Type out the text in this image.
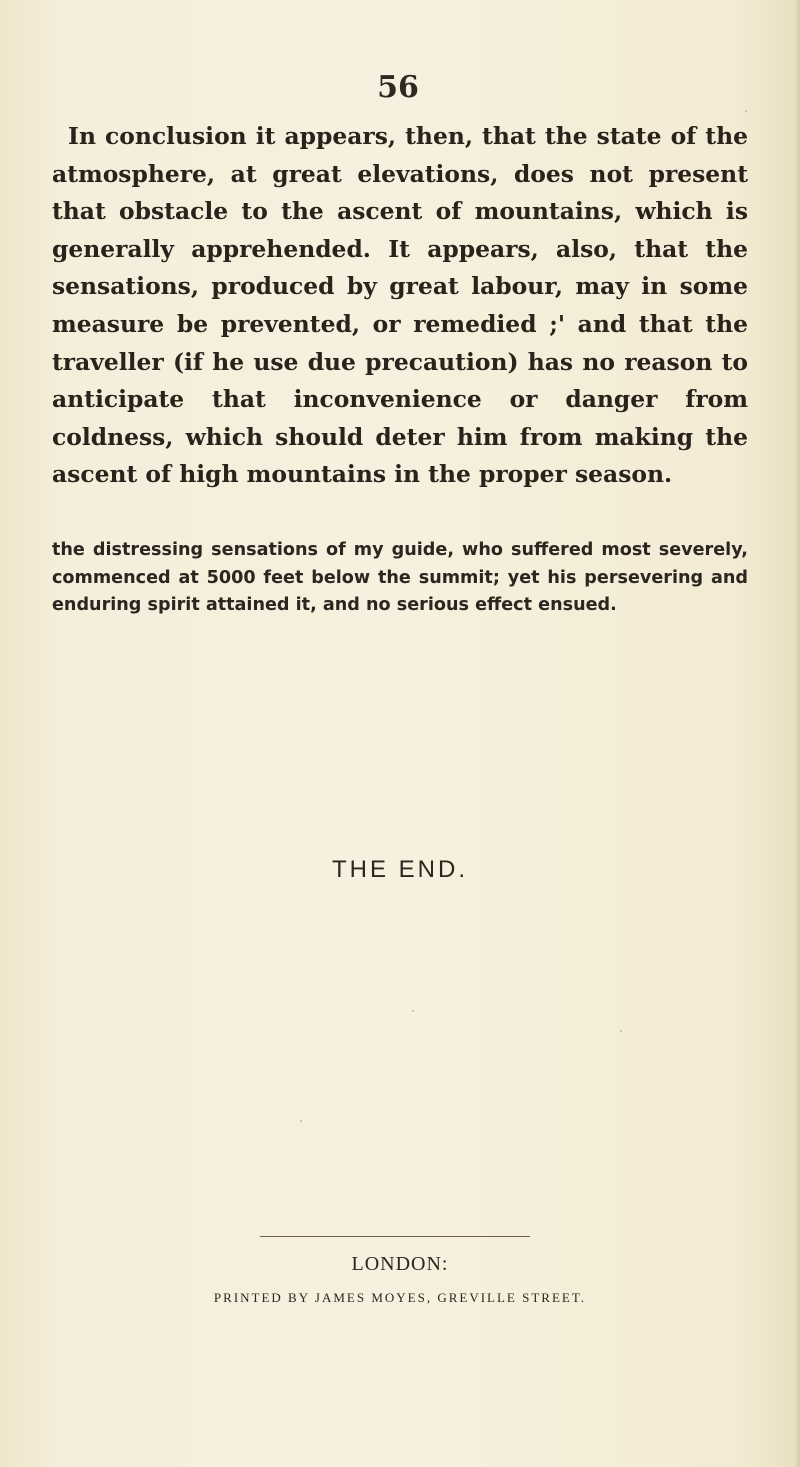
56

In conclusion it appears, then, that the state of the atmosphere, at great elevations, does not present that obstacle to the ascent of mountains, which is generally apprehended. It appears, also, that the sensations, produced by great labour, may in some measure be prevented, or remedied ;' and that the traveller (if he use due precaution) has no reason to anticipate that inconvenience or danger from coldness, which should deter him from making the ascent of high mountains in the proper season.

the distressing sensations of my guide, who suffered most severely, commenced at 5000 feet below the summit; yet his persevering and enduring spirit attained it, and no serious effect ensued.

THE END.
LONDON:
PRINTED BY JAMES MOYES, GREVILLE STREET.
